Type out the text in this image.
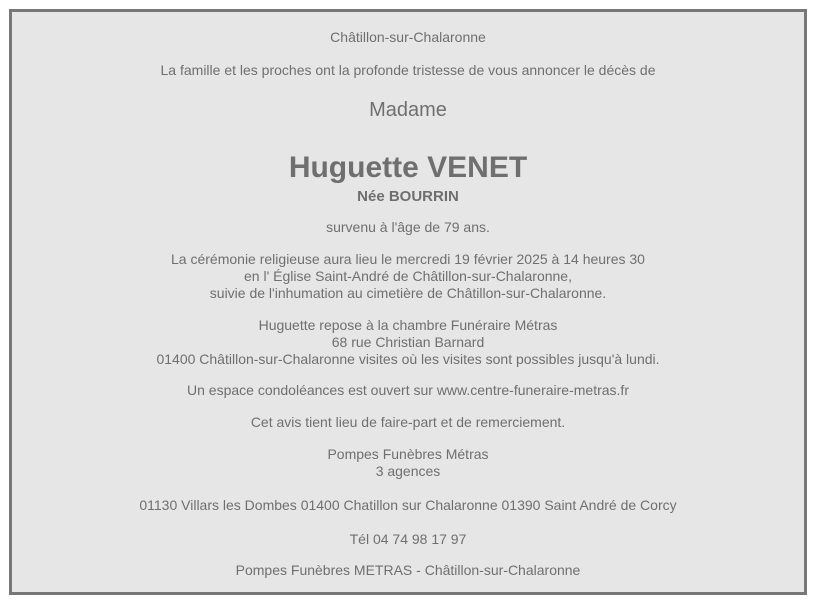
Châtillon-sur-Chalaronne
La famille et les proches ont la profonde tristesse de vous annoncer le décès de
Madame
Huguette VENET
Née BOURRIN
survenu à l'âge de 79 ans.
La cérémonie religieuse aura lieu le mercredi 19 février 2025 à 14 heures 30
en l' Église Saint-André de Châtillon-sur-Chalaronne,
suivie de l'inhumation au cimetière de Châtillon-sur-Chalaronne.
Huguette repose à la chambre Funéraire Métras
68 rue Christian Barnard
01400 Châtillon-sur-Chalaronne visites où les visites sont possibles jusqu'à lundi.
Un espace condoléances est ouvert sur www.centre-funeraire-metras.fr
Cet avis tient lieu de faire-part et de remerciement.
Pompes Funèbres Métras
3 agences
01130 Villars les Dombes 01400 Chatillon sur Chalaronne 01390 Saint André de Corcy
Tél 04 74 98 17 97
Pompes Funèbres METRAS - Châtillon-sur-Chalaronne
